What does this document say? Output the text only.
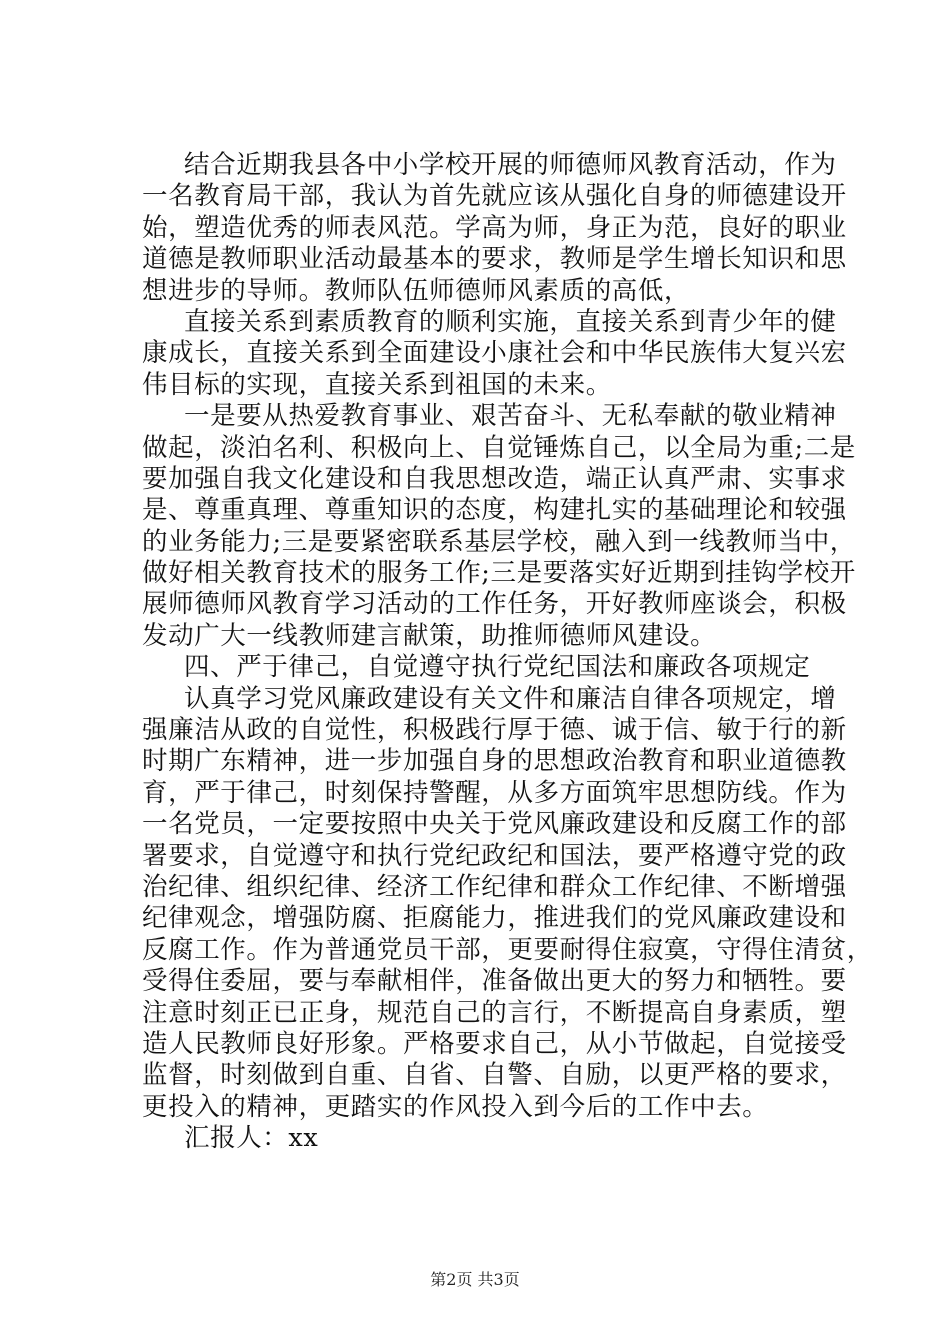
结合近期我县各中小学校开展的师德师风教育活动，作为
一名教育局干部，我认为首先就应该从强化自身的师德建设开
始，塑造优秀的师表风范。学高为师，身正为范，良好的职业
道德是教师职业活动最基本的要求，教师是学生增长知识和思
想进步的导师。教师队伍师德师风素质的高低，
直接关系到素质教育的顺利实施，直接关系到青少年的健
康成长，直接关系到全面建设小康社会和中华民族伟大复兴宏
伟目标的实现，直接关系到祖国的未来。
一是要从热爱教育事业、艰苦奋斗、无私奉献的敬业精神
做起，淡泊名利、积极向上、自觉锤炼自己，以全局为重;二是
要加强自我文化建设和自我思想改造，端正认真严肃、实事求
是、尊重真理、尊重知识的态度，构建扎实的基础理论和较强
的业务能力;三是要紧密联系基层学校，融入到一线教师当中，
做好相关教育技术的服务工作;三是要落实好近期到挂钩学校开
展师德师风教育学习活动的工作任务，开好教师座谈会，积极
发动广大一线教师建言献策，助推师德师风建设。
四、严于律己，自觉遵守执行党纪国法和廉政各项规定
认真学习党风廉政建设有关文件和廉洁自律各项规定，增
强廉洁从政的自觉性，积极践行厚于德、诚于信、敏于行的新
时期广东精神，进一步加强自身的思想政治教育和职业道德教
育，严于律己，时刻保持警醒，从多方面筑牢思想防线。作为
一名党员，一定要按照中央关于党风廉政建设和反腐工作的部
署要求，自觉遵守和执行党纪政纪和国法，要严格遵守党的政
治纪律、组织纪律、经济工作纪律和群众工作纪律、不断增强
纪律观念，增强防腐、拒腐能力，推进我们的党风廉政建设和
反腐工作。作为普通党员干部，更要耐得住寂寞，守得住清贫，
受得住委屈，要与奉献相伴，准备做出更大的努力和牺牲。要
注意时刻正已正身，规范自己的言行，不断提高自身素质，塑
造人民教师良好形象。严格要求自己，从小节做起，自觉接受
监督，时刻做到自重、自省、自警、自励，以更严格的要求，
更投入的精神，更踏实的作风投入到今后的工作中去。
汇报人：xx
第2页 共3页
